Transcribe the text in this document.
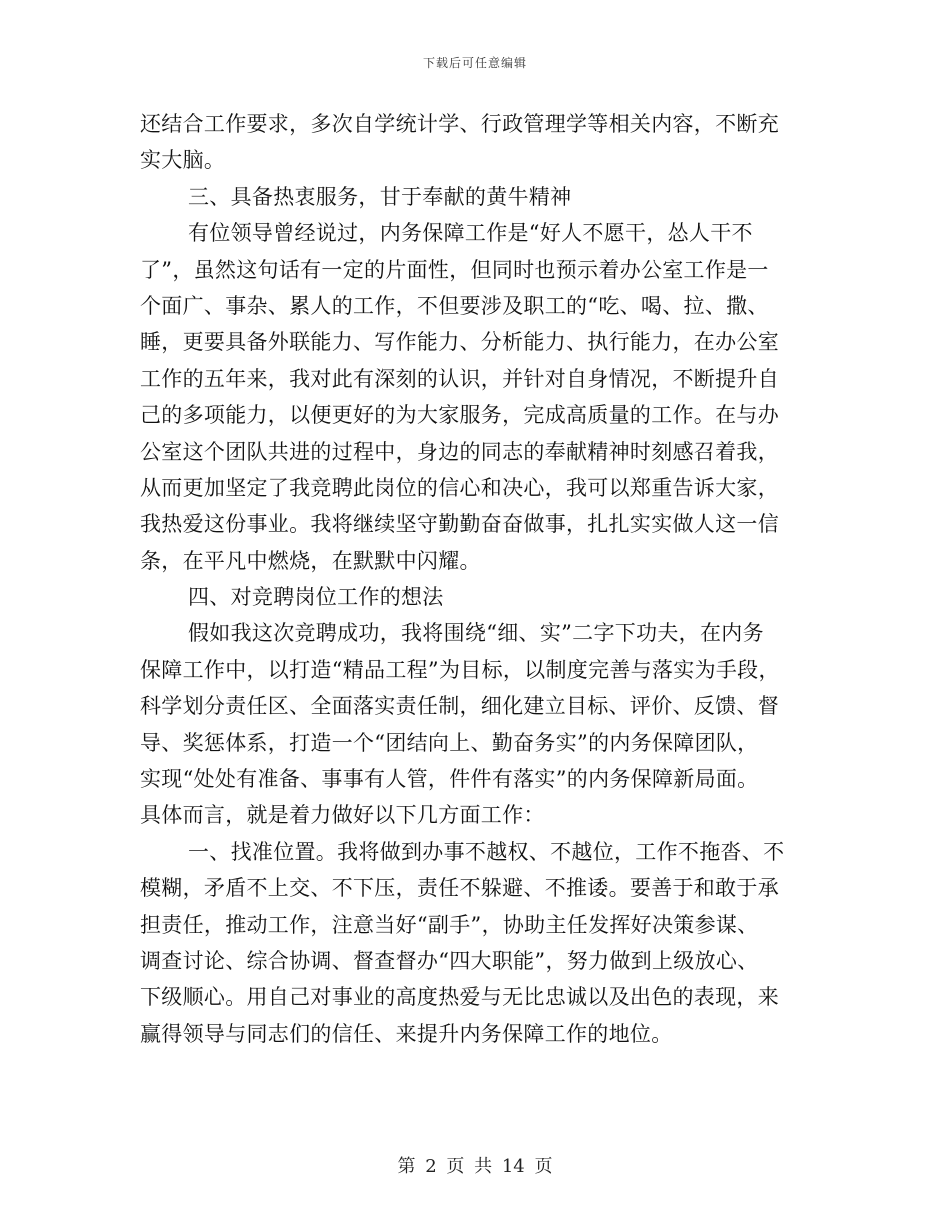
下载后可任意编辑
还结合工作要求，多次自学统计学、行政管理学等相关内容，不断充
实大脑。
三、具备热衷服务，甘于奉献的黄牛精神
有位领导曾经说过，内务保障工作是“好人不愿干，怂人干不
了”，虽然这句话有一定的片面性，但同时也预示着办公室工作是一
个面广、事杂、累人的工作，不但要涉及职工的“吃、喝、拉、撒、
睡，更要具备外联能力、写作能力、分析能力、执行能力，在办公室
工作的五年来，我对此有深刻的认识，并针对自身情况，不断提升自
己的多项能力，以便更好的为大家服务，完成高质量的工作。在与办
公室这个团队共进的过程中，身边的同志的奉献精神时刻感召着我，
从而更加坚定了我竞聘此岗位的信心和决心，我可以郑重告诉大家，
我热爱这份事业。我将继续坚守勤勤奋奋做事，扎扎实实做人这一信
条，在平凡中燃烧，在默默中闪耀。
四、对竞聘岗位工作的想法
假如我这次竞聘成功，我将围绕“细、实”二字下功夫，在内务
保障工作中，以打造“精品工程”为目标，以制度完善与落实为手段，
科学划分责任区、全面落实责任制，细化建立目标、评价、反馈、督
导、奖惩体系，打造一个“团结向上、勤奋务实”的内务保障团队，
实现“处处有准备、事事有人管，件件有落实”的内务保障新局面。
具体而言，就是着力做好以下几方面工作：
一、找准位置。我将做到办事不越权、不越位，工作不拖沓、不
模糊，矛盾不上交、不下压，责任不躲避、不推诿。要善于和敢于承
担责任，推动工作，注意当好“副手”，协助主任发挥好决策参谋、
调查讨论、综合协调、督查督办“四大职能”，努力做到上级放心、
下级顺心。用自己对事业的高度热爱与无比忠诚以及出色的表现，来
赢得领导与同志们的信任、来提升内务保障工作的地位。
第 2 页 共 14 页
